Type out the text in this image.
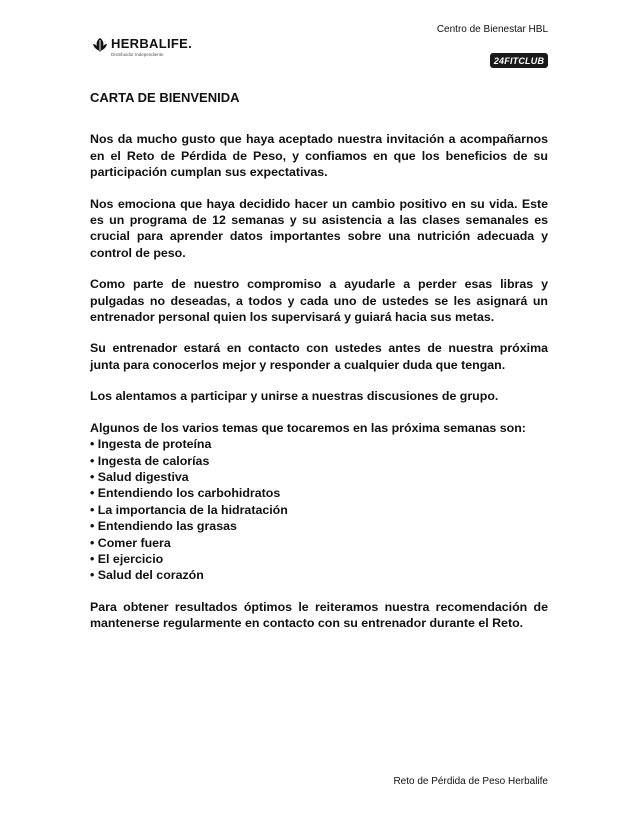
HERBALIFE.
Distribuidor Independiente
Centro de Bienestar HBL
24FITCLUB
CARTA DE BIENVENIDA

Nos da mucho gusto que haya aceptado nuestra invitación a acompañarnos en el Reto de Pérdida de Peso, y confiamos en que los beneficios de su participación cumplan sus expectativas.

Nos emociona que haya decidido hacer un cambio positivo en su vida. Este es un programa de 12 semanas y su asistencia a las clases semanales es crucial para aprender datos importantes sobre una nutrición adecuada y control de peso.

Como parte de nuestro compromiso a ayudarle a perder esas libras y pulgadas no deseadas, a todos y cada uno de ustedes se les asignará un entrenador personal quien los supervisará y guiará hacia sus metas.

Su entrenador estará en contacto con ustedes antes de nuestra próxima junta para conocerlos mejor y responder a cualquier duda que tengan.

Los alentamos a participar y unirse a nuestras discusiones de grupo.

Algunos de los varios temas que tocaremos en las próxima semanas son:

• Ingesta de proteína
• Ingesta de calorías
• Salud digestiva
• Entendiendo los carbohidratos
• La importancia de la hidratación
• Entendiendo las grasas
• Comer fuera
• El ejercicio
• Salud del corazón

Para obtener resultados óptimos le reiteramos nuestra recomendación de mantenerse regularmente en contacto con su entrenador durante el Reto.

Reto de Pérdida de Peso Herbalife
